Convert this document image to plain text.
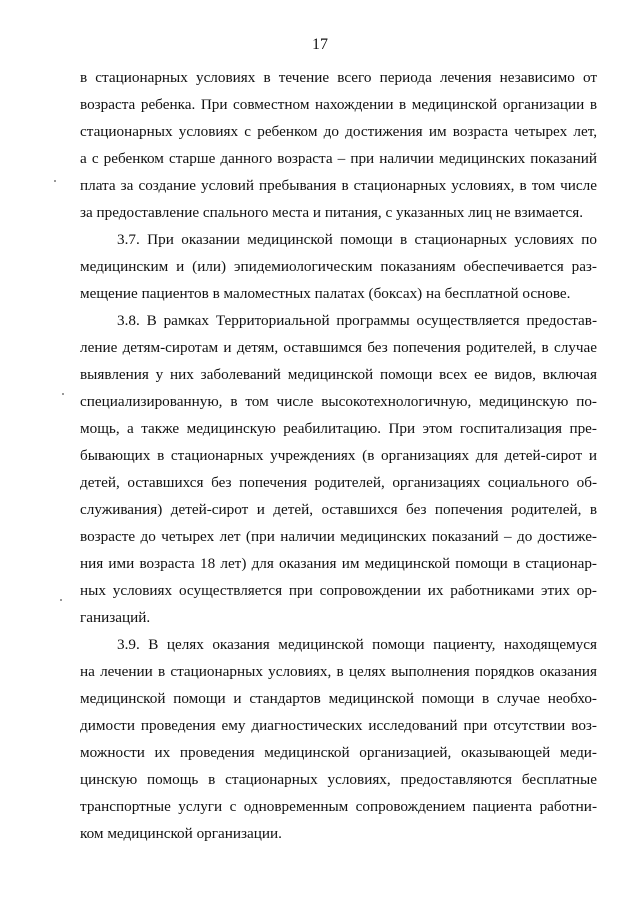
17
в стационарных условиях в течение всего периода лечения независимо от
возраста ребенка. При совместном нахождении в медицинской организации в
стационарных условиях с ребенком до достижения им возраста четырех лет,
а с ребенком старше данного возраста – при наличии медицинских показаний
плата за создание условий пребывания в стационарных условиях, в том числе
за предоставление спального места и питания, с указанных лиц не взимается.
3.7. При оказании медицинской помощи в стационарных условиях по
медицинским и (или) эпидемиологическим показаниям обеспечивается раз-
мещение пациентов в маломестных палатах (боксах) на бесплатной основе.
3.8. В рамках Территориальной программы осуществляется предостав-
ление детям-сиротам и детям, оставшимся без попечения родителей, в случае
выявления у них заболеваний медицинской помощи всех ее видов, включая
специализированную, в том числе высокотехнологичную, медицинскую по-
мощь, а также медицинскую реабилитацию. При этом госпитализация пре-
бывающих в стационарных учреждениях (в организациях для детей-сирот и
детей, оставшихся без попечения родителей, организациях социального об-
служивания) детей-сирот и детей, оставшихся без попечения родителей, в
возрасте до четырех лет (при наличии медицинских показаний – до достиже-
ния ими возраста 18 лет) для оказания им медицинской помощи в стационар-
ных условиях осуществляется при сопровождении их работниками этих ор-
ганизаций.
3.9. В целях оказания медицинской помощи пациенту, находящемуся
на лечении в стационарных условиях, в целях выполнения порядков оказания
медицинской помощи и стандартов медицинской помощи в случае необхо-
димости проведения ему диагностических исследований при отсутствии воз-
можности их проведения медицинской организацией, оказывающей меди-
цинскую помощь в стационарных условиях, предоставляются бесплатные
транспортные услуги с одновременным сопровождением пациента работни-
ком медицинской организации.
